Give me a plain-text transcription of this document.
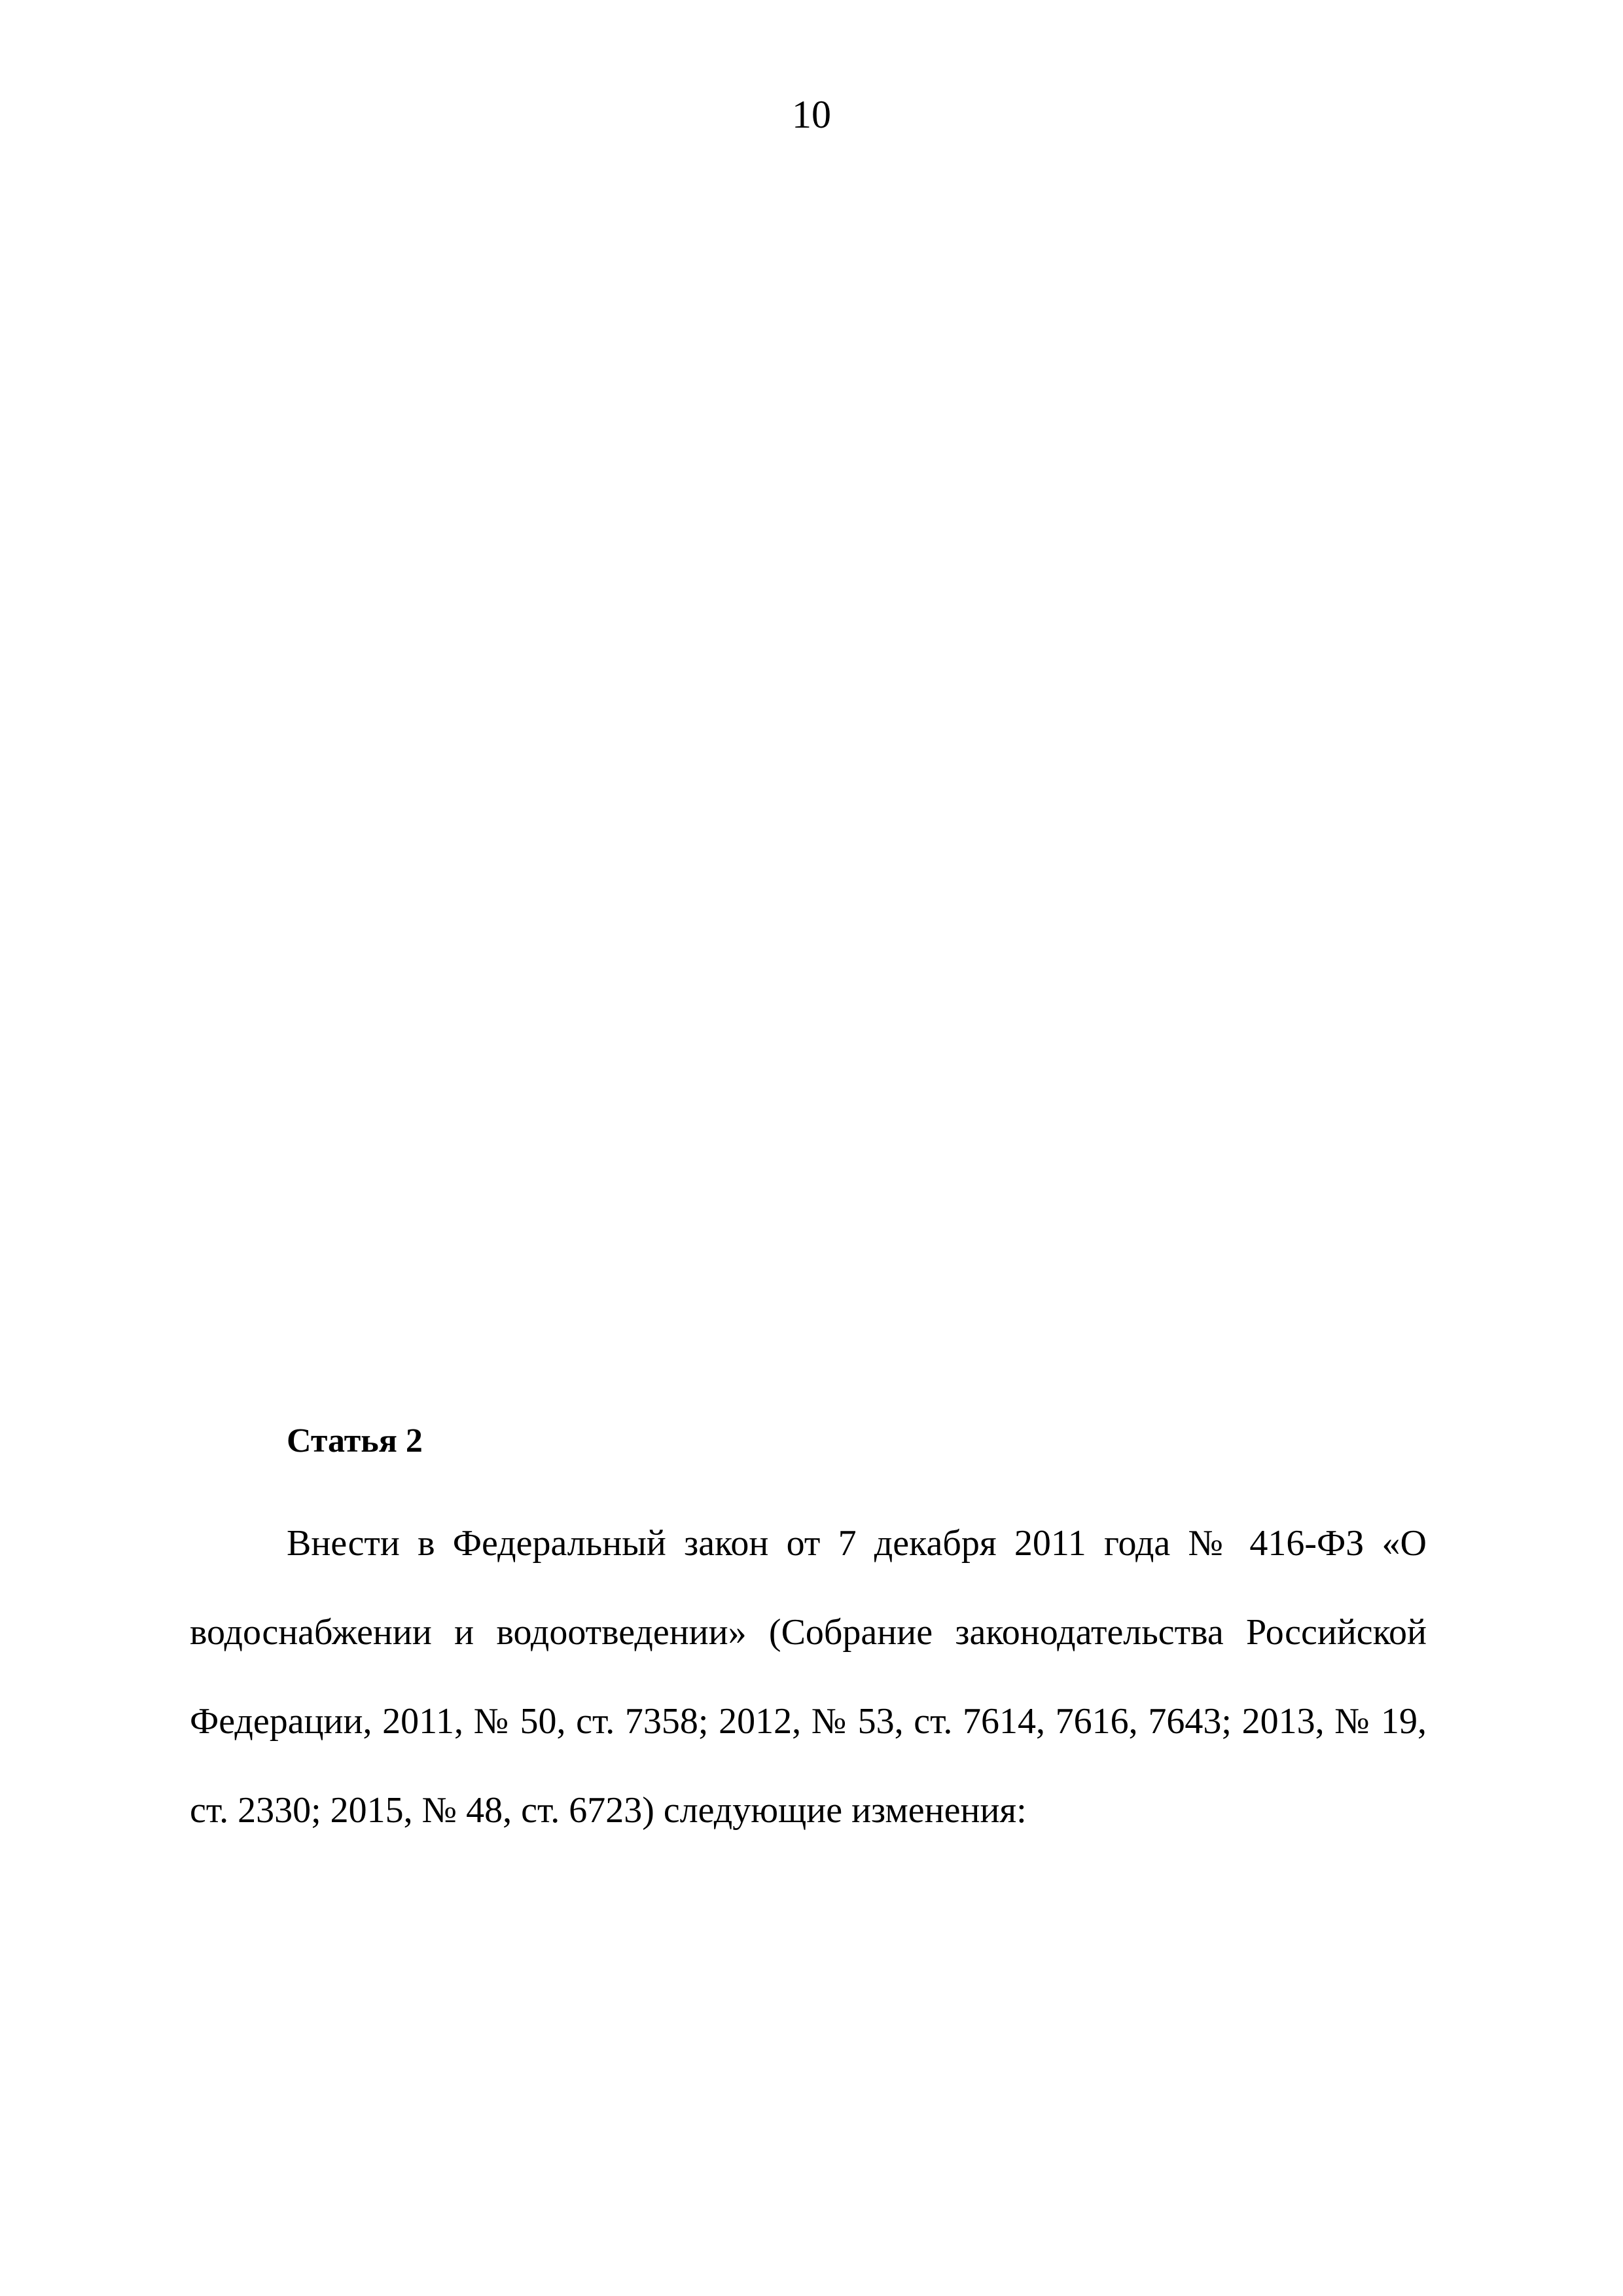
10
Статья 2

Внести в Федеральный закон от 7 декабря 2011 года № 416-ФЗ «О водоснабжении и водоотведении» (Собрание законодательства Российской Федерации, 2011, № 50, ст. 7358; 2012, № 53, ст. 7614, 7616, 7643; 2013, № 19, ст. 2330; 2015, № 48, ст. 6723) следующие изменения:
